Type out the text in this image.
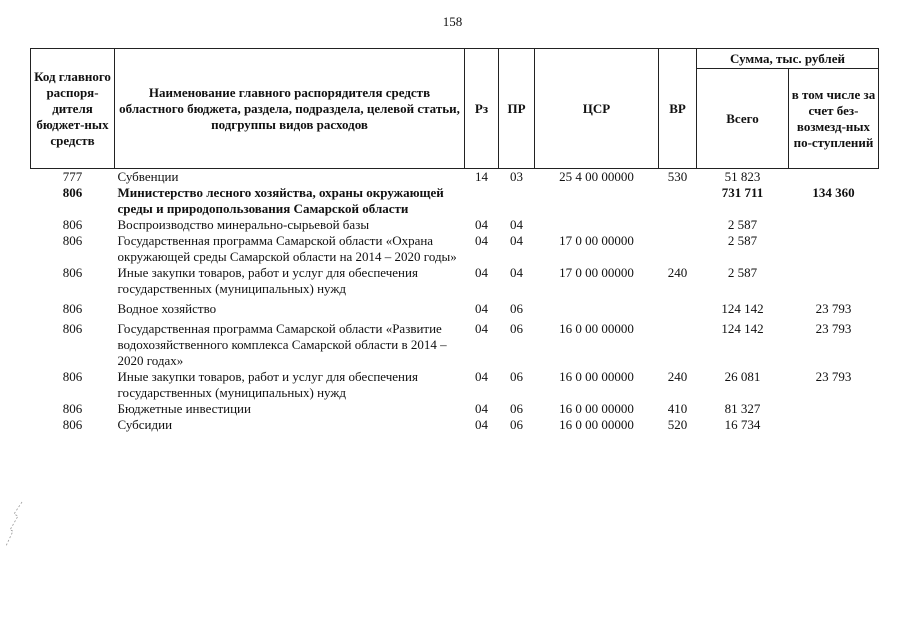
158
Код главного распоря-дителя бюджет-ных средств	Наименование главного распорядителя средств областного бюджета, раздела, подраздела, целевой статьи, подгруппы видов расходов	Рз	ПР	ЦСР	ВР	Сумма, тыс. рублей	
						Всего	в том числе за счет без-возмезд-ных по-ступлений
777	Субвенции	14	03	25 4 00 00000	530	51 823	
806	Министерство лесного хозяйства, охраны окружающей среды и природопользования Самарской области					731 711	134 360
806	Воспроизводство минерально-сырьевой базы	04	04			2 587	
806	Государственная программа Самарской области «Охрана окружающей среды Самарской области на 2014 – 2020 годы»	04	04	17 0 00 00000		2 587	
806	Иные закупки товаров, работ и услуг для обеспечения государственных (муниципальных) нужд	04	04	17 0 00 00000	240	2 587	
806	Водное хозяйство	04	06			124 142	23 793
806	Государственная программа Самарской области «Развитие водохозяйственного комплекса Самарской области в 2014 – 2020 годах»	04	06	16 0 00 00000		124 142	23 793
806	Иные закупки товаров, работ и услуг для обеспечения государственных (муниципальных) нужд	04	06	16 0 00 00000	240	26 081	23 793
806	Бюджетные инвестиции	04	06	16 0 00 00000	410	81 327	
806	Субсидии	04	06	16 0 00 00000	520	16 734	
